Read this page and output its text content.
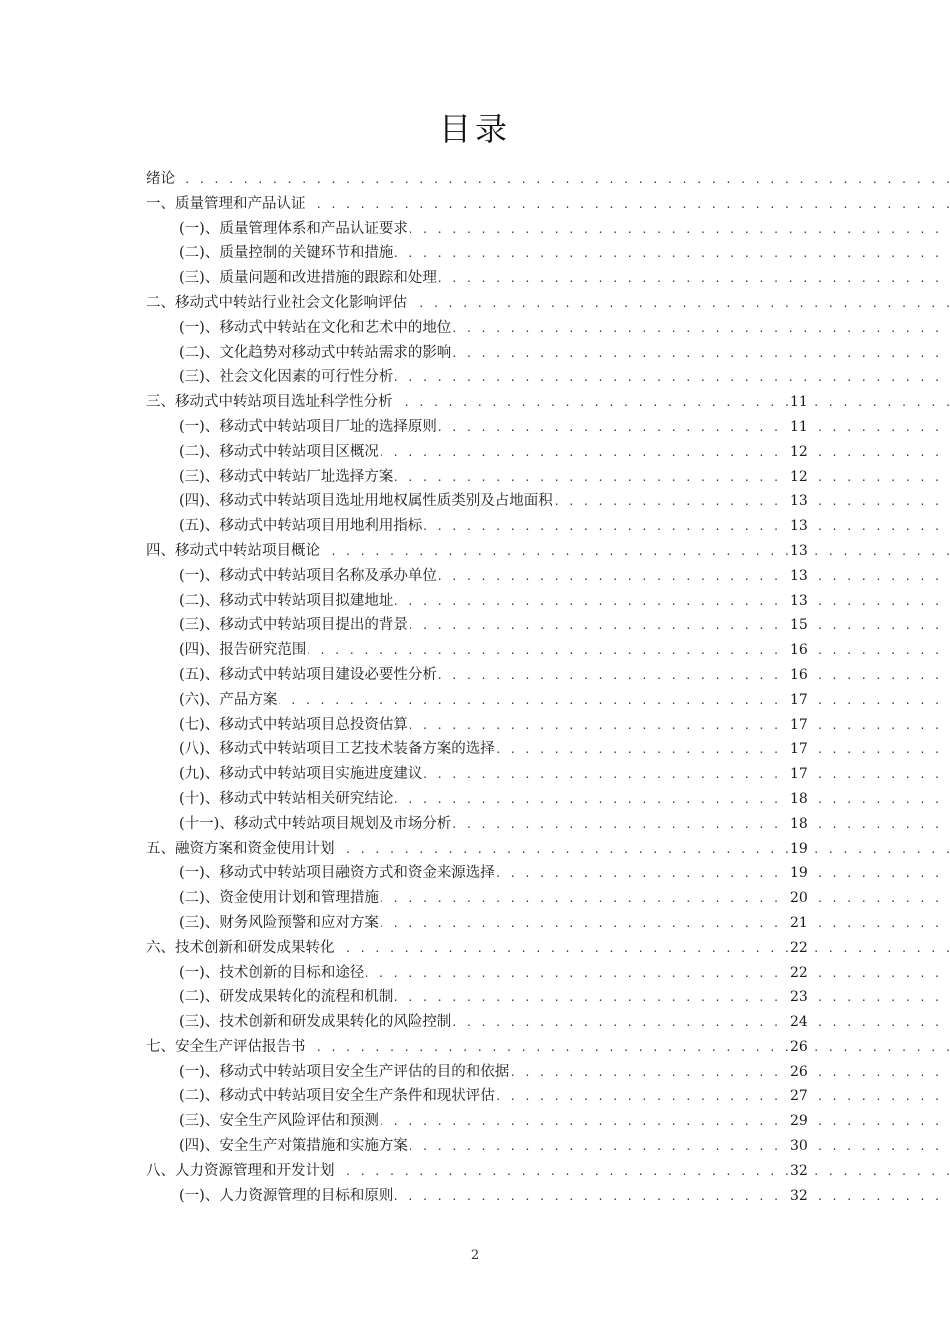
目录
. . .
绪论
. . .
一、质量管理和产品认证
. . .
(一)、质量管理体系和产品认证要求
. . .
(二)、质量控制的关键环节和措施
. . .
(三)、质量问题和改进措施的跟踪和处理
. . .
二、移动式中转站行业社会文化影响评估
. . .
(一)、移动式中转站在文化和艺术中的地位
. . .
(二)、文化趋势对移动式中转站需求的影响
. . .
(三)、社会文化因素的可行性分析
. . .
三、移动式中转站项目选址科学性分析	11
. . .
(一)、移动式中转站项目厂址的选择原则	11
. . .
(二)、移动式中转站项目区概况	12
. . .
(三)、移动式中转站厂址选择方案	12
. . .
(四)、移动式中转站项目选址用地权属性质类别及占地面积	13
. . .
(五)、移动式中转站项目用地利用指标	13
. . .
四、移动式中转站项目概论	13
. . .
(一)、移动式中转站项目名称及承办单位	13
. . .
(二)、移动式中转站项目拟建地址	13
. . .
(三)、移动式中转站项目提出的背景	15
. . .
(四)、报告研究范围	16
. . .
(五)、移动式中转站项目建设必要性分析	16
. . .
(六)、产品方案	17
. . .
(七)、移动式中转站项目总投资估算	17
. . .
(八)、移动式中转站项目工艺技术装备方案的选择	17
. . .
(九)、移动式中转站项目实施进度建议	17
. . .
(十)、移动式中转站相关研究结论	18
. . .
(十一)、移动式中转站项目规划及市场分析	18
. . .
五、融资方案和资金使用计划	19
. . .
(一)、移动式中转站项目融资方式和资金来源选择	19
. . .
(二)、资金使用计划和管理措施	20
. . .
(三)、财务风险预警和应对方案	21
. . .
六、技术创新和研发成果转化	22
. . .
(一)、技术创新的目标和途径	22
. . .
(二)、研发成果转化的流程和机制	23
. . .
(三)、技术创新和研发成果转化的风险控制	24
. . .
七、安全生产评估报告书	26
. . .
(一)、移动式中转站项目安全生产评估的目的和依据	26
. . .
(二)、移动式中转站项目安全生产条件和现状评估	27
. . .
(三)、安全生产风险评估和预测	29
. . .
(四)、安全生产对策措施和实施方案	30
. . .
八、人力资源管理和开发计划	32
. . .
(一)、人力资源管理的目标和原则	32
2
